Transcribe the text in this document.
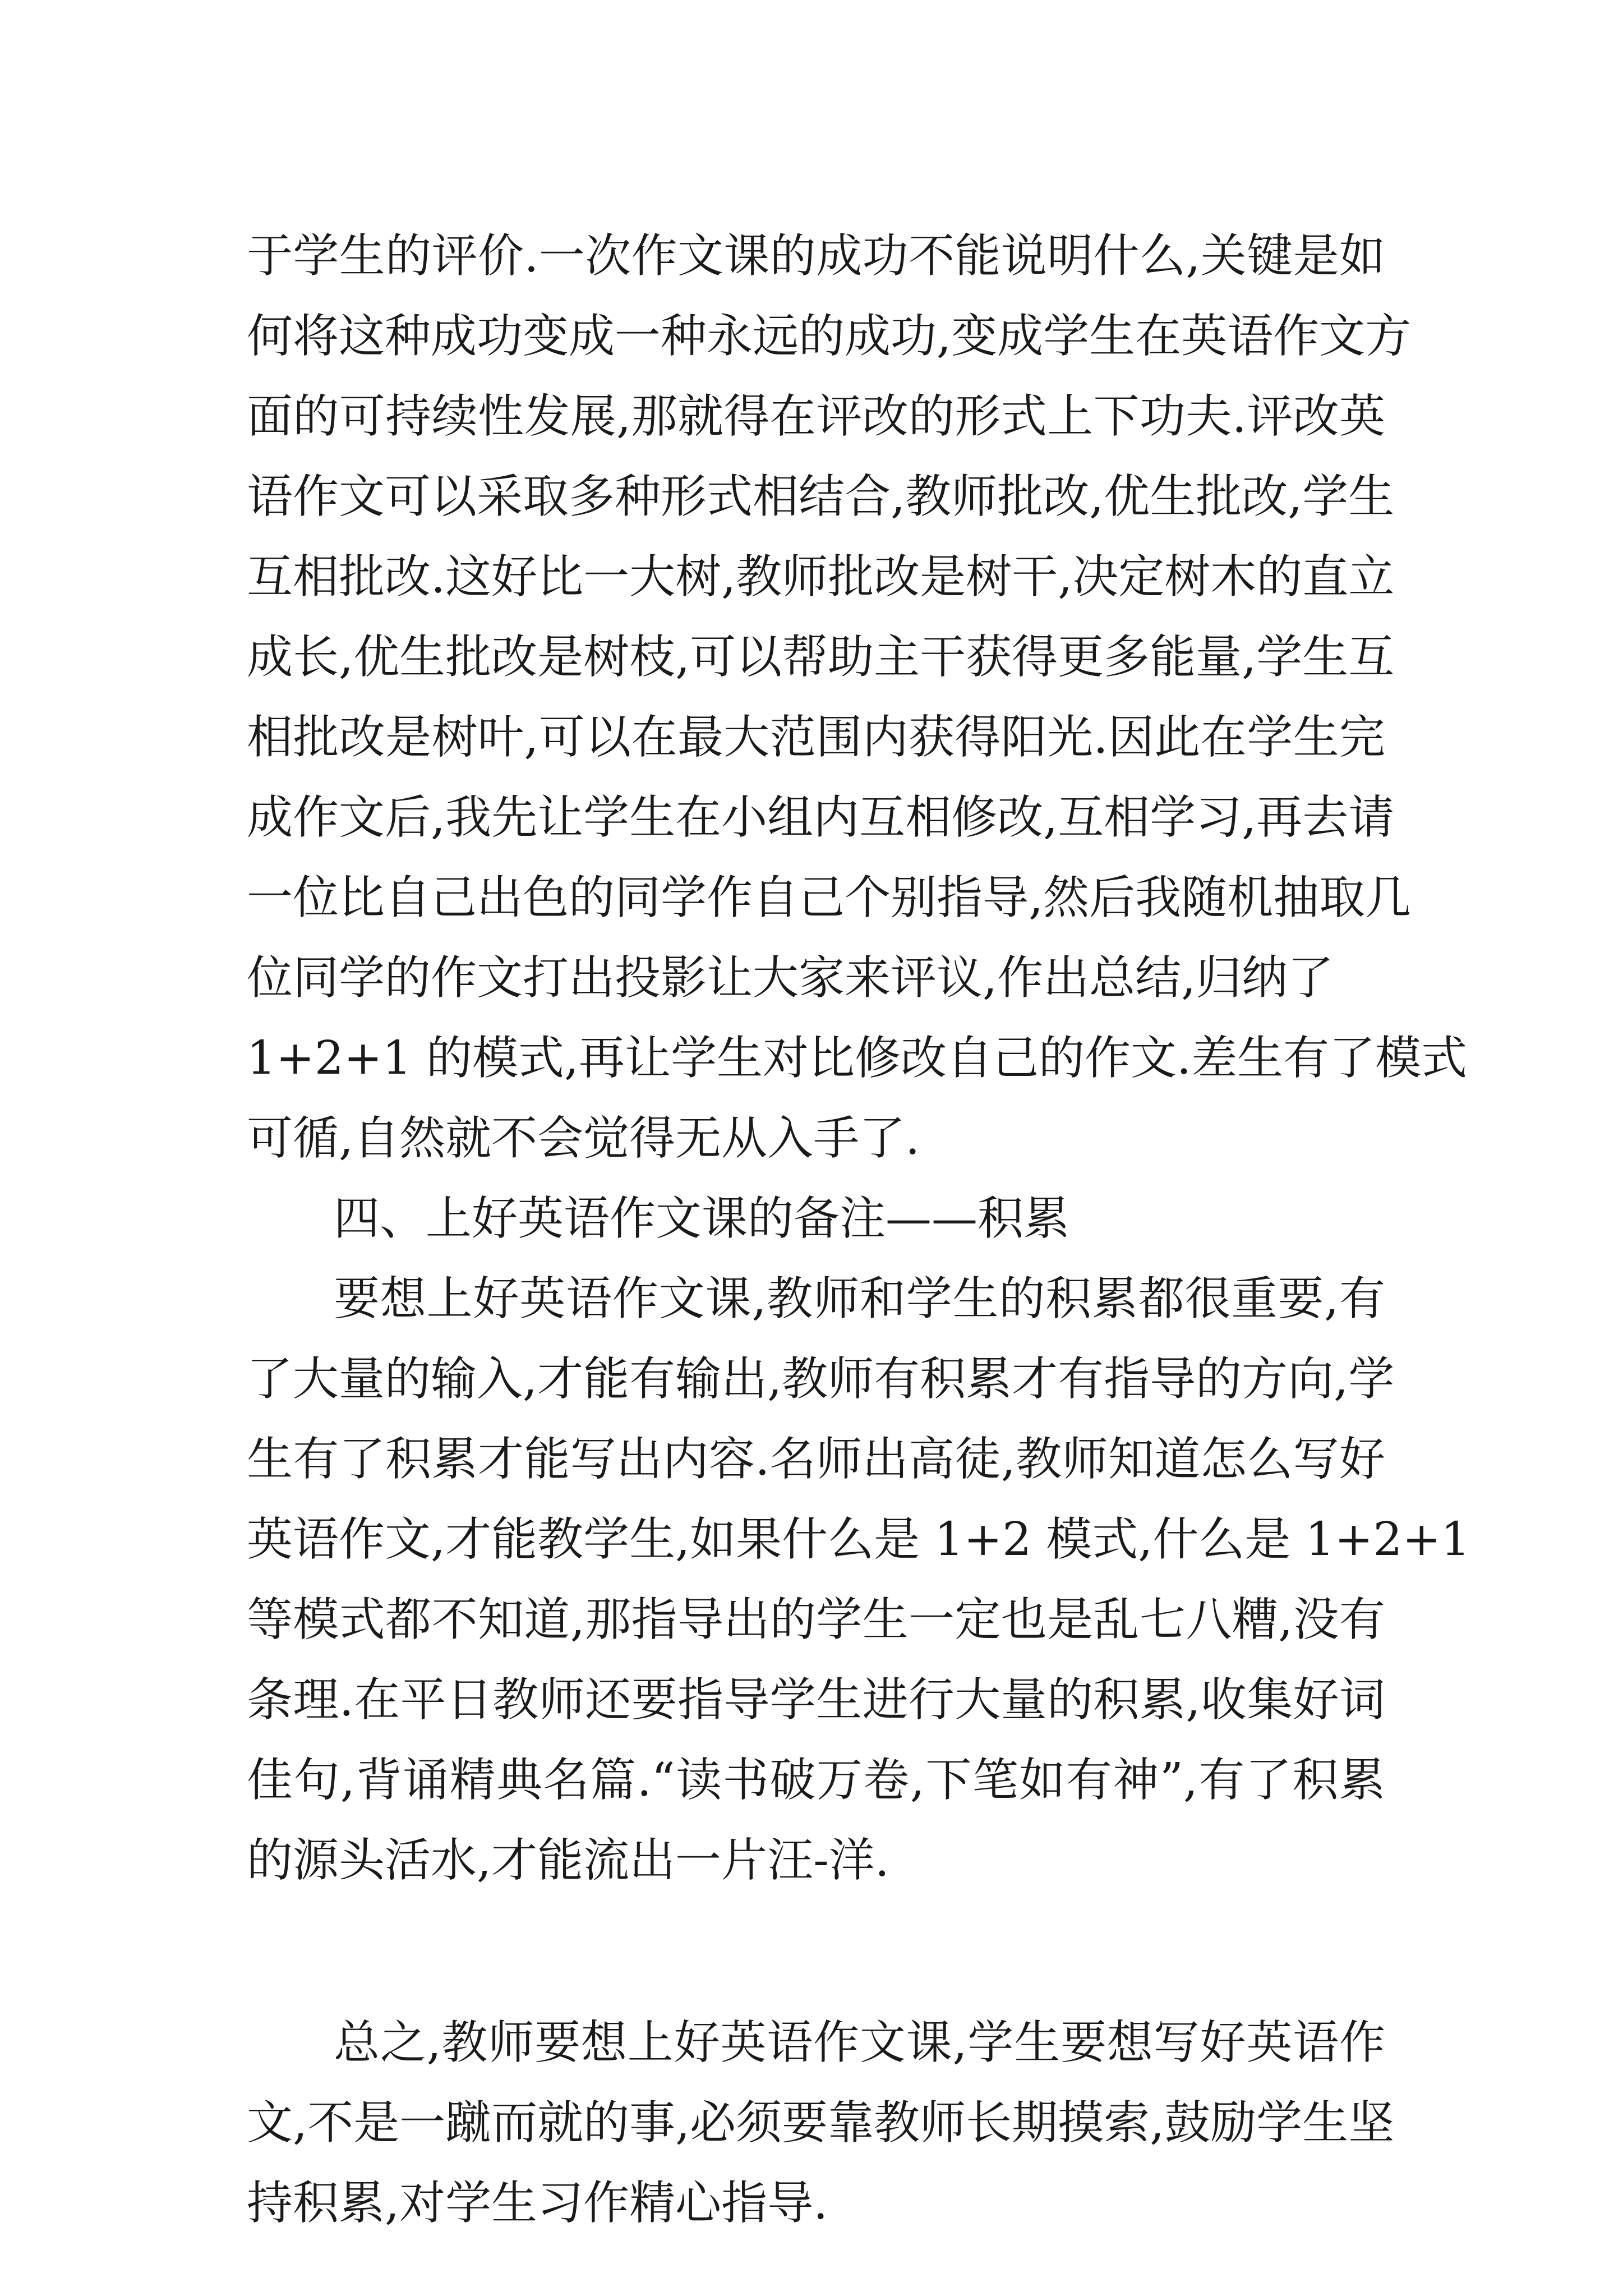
于学生的评价.一次作文课的成功不能说明什么,关键是如
何将这种成功变成一种永远的成功,变成学生在英语作文方
面的可持续性发展,那就得在评改的形式上下功夫.评改英
语作文可以采取多种形式相结合,教师批改,优生批改,学生
互相批改.这好比一大树,教师批改是树干,决定树木的直立
成长,优生批改是树枝,可以帮助主干获得更多能量,学生互
相批改是树叶,可以在最大范围内获得阳光.因此在学生完
成作文后,我先让学生在小组内互相修改,互相学习,再去请
一位比自己出色的同学作自己个别指导,然后我随机抽取几
位同学的作文打出投影让大家来评议,作出总结,归纳了
1+2+1 的模式,再让学生对比修改自己的作文.差生有了模式
可循,自然就不会觉得无从入手了.
四、上好英语作文课的备注——积累
要想上好英语作文课,教师和学生的积累都很重要,有
了大量的输入,才能有输出,教师有积累才有指导的方向,学
生有了积累才能写出内容.名师出高徒,教师知道怎么写好
英语作文,才能教学生,如果什么是 1+2 模式,什么是 1+2+1
等模式都不知道,那指导出的学生一定也是乱七八糟,没有
条理.在平日教师还要指导学生进行大量的积累,收集好词
佳句,背诵精典名篇.“读书破万卷,下笔如有神”,有了积累
的源头活水,才能流出一片汪-洋.
总之,教师要想上好英语作文课,学生要想写好英语作
文,不是一蹴而就的事,必须要靠教师长期摸索,鼓励学生坚
持积累,对学生习作精心指导.
